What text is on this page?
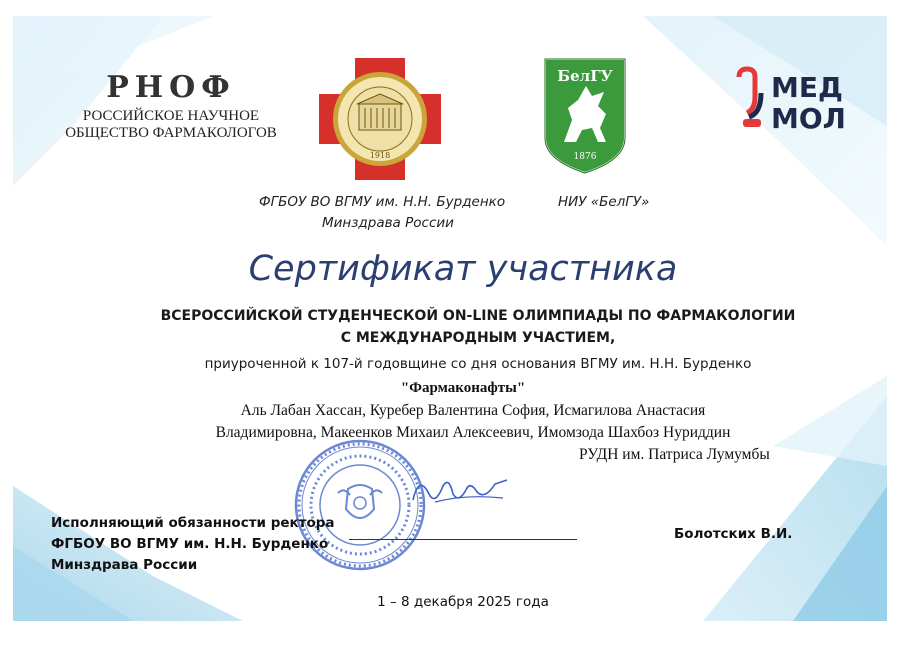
РНОФ
РОССИЙСКОЕ НАУЧНОЕ
ОБЩЕСТВО ФАРМАКОЛОГОВ
1918
БелГУ
1876
МЕД
МОЛ
ФГБОУ ВО ВГМУ им. Н.Н. Бурденко
Минздрава России
НИУ «БелГУ»
Сертификат участника
ВСЕРОССИЙСКОЙ СТУДЕНЧЕСКОЙ ON-LINE ОЛИМПИАДЫ ПО ФАРМАКОЛОГИИ
С МЕЖДУНАРОДНЫМ УЧАСТИЕМ,
приуроченной к 107-й годовщине со дня основания ВГМУ им. Н.Н. Бурденко
"Фармаконафты"
Аль Лабан Хассан, Куребер Валентина София, Исмагилова Анастасия
Владимировна, Макеенков Михаил Алексеевич, Имомзода Шахбоз Нуриддин
РУДН им. Патриса Лумумбы
Исполняющий обязанности ректора
ФГБОУ ВО ВГМУ им. Н.Н. Бурденко
Минздрава России
Болотских В.И.
1 – 8 декабря 2025 года
